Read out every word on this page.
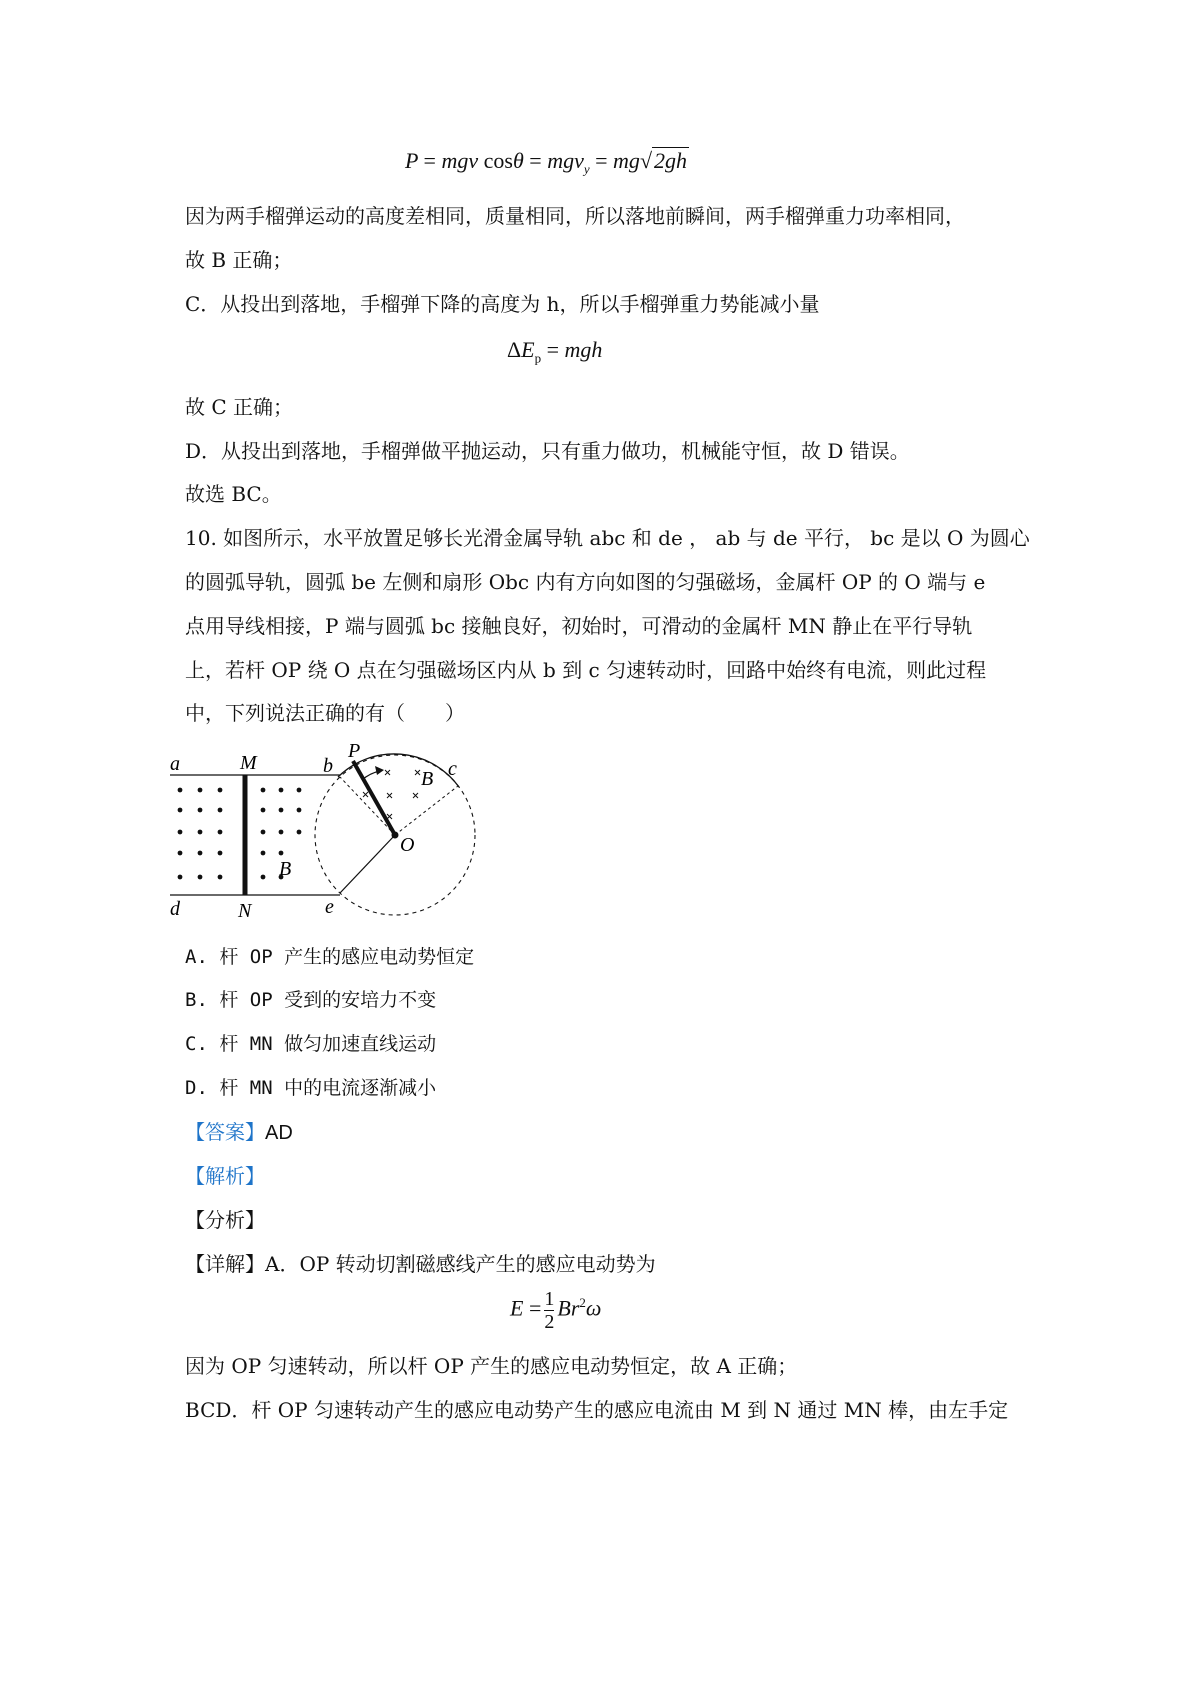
P = mgv cosθ = mgv$_y$ = mg√2gh
因为两手榴弹运动的高度差相同，质量相同，所以落地前瞬间，两手榴弹重力功率相同，
故 B 正确；
C．从投出到落地，手榴弹下降的高度为 h，所以手榴弹重力势能减小量
$\Delta E_p$ = mgh
故 C 正确；
D．从投出到落地，手榴弹做平抛运动，只有重力做功，机械能守恒，故 D 错误。
故选 BC。
10. 如图所示，水平放置足够长光滑金属导轨 abc 和 de ， ab 与 de 平行， bc 是以 O 为圆心
的圆弧导轨，圆弧 be 左侧和扇形 Obc 内有方向如图的匀强磁场，金属杆 OP 的 O 端与 e
点用导线相接，P 端与圆弧 bc 接触良好，初始时，可滑动的金属杆 MN 静止在平行导轨
上，若杆 OP 绕 O 点在匀强磁场区内从 b 到 c 匀速转动时，回路中始终有电流，则此过程
中，下列说法正确的有（　　）
a	M	b
P
c
B
O
B
d	N	e
A. 杆 OP 产生的感应电动势恒定
B. 杆 OP 受到的安培力不变
C. 杆 MN 做匀加速直线运动
D. 杆 MN 中的电流逐渐减小
【答案】AD
【解析】
【分析】
【详解】A．OP 转动切割磁感线产生的感应电动势为
$E = \frac{1}{2} Br^2\omega$
因为 OP 匀速转动，所以杆 OP 产生的感应电动势恒定，故 A 正确；
BCD．杆 OP 匀速转动产生的感应电动势产生的感应电流由 M 到 N 通过 MN 棒，由左手定
